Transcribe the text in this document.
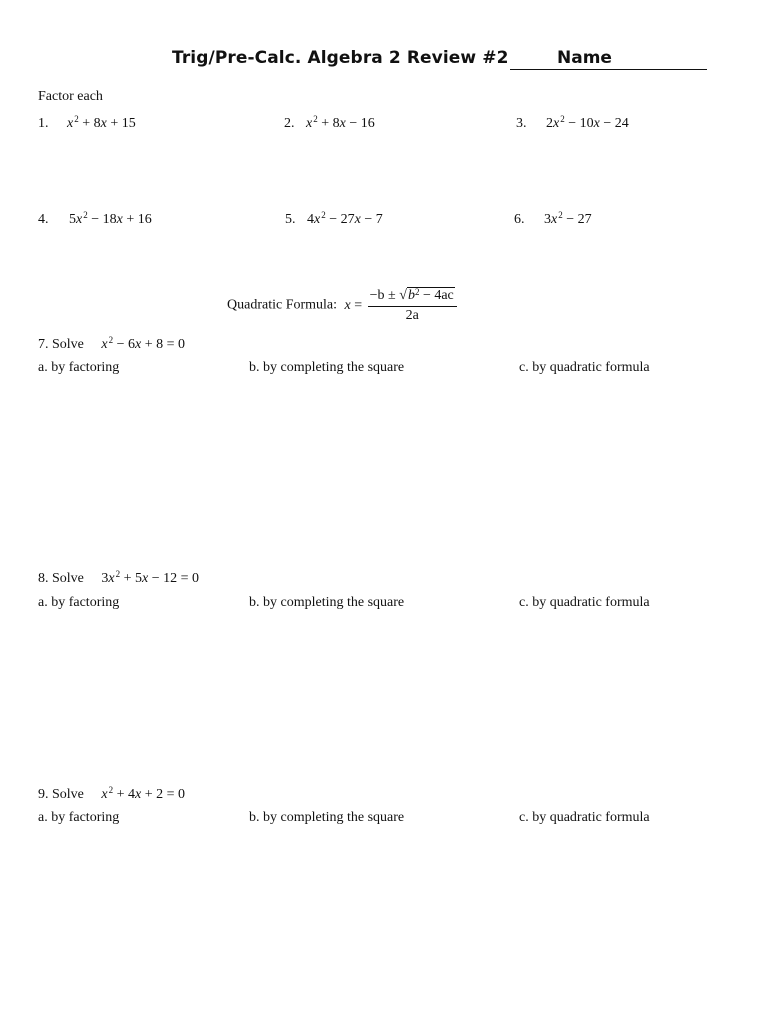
Trig/Pre-Calc. Algebra 2 Review #2	Name
Factor each
1. $x^2 + 8x + 15$	2. $x^2 + 8x - 16$	3. $2x^2 - 10x - 24$
4. $5x^2 - 18x + 16$	5. $4x^2 - 27x - 7$	6. $3x^2 - 27$
Quadratic Formula: $x = \frac{-b \pm √b^2 - 4ac}{2a}$
7. Solve $x^2 - 6x + 8 = 0$
a. by factoring	b. by completing the square	c. by quadratic formula
8. Solve $3x^2 + 5x - 12 = 0$
a. by factoring	b. by completing the square	c. by quadratic formula
9. Solve $x^2 + 4x + 2 = 0$
a. by factoring	b. by completing the square	c. by quadratic formula
